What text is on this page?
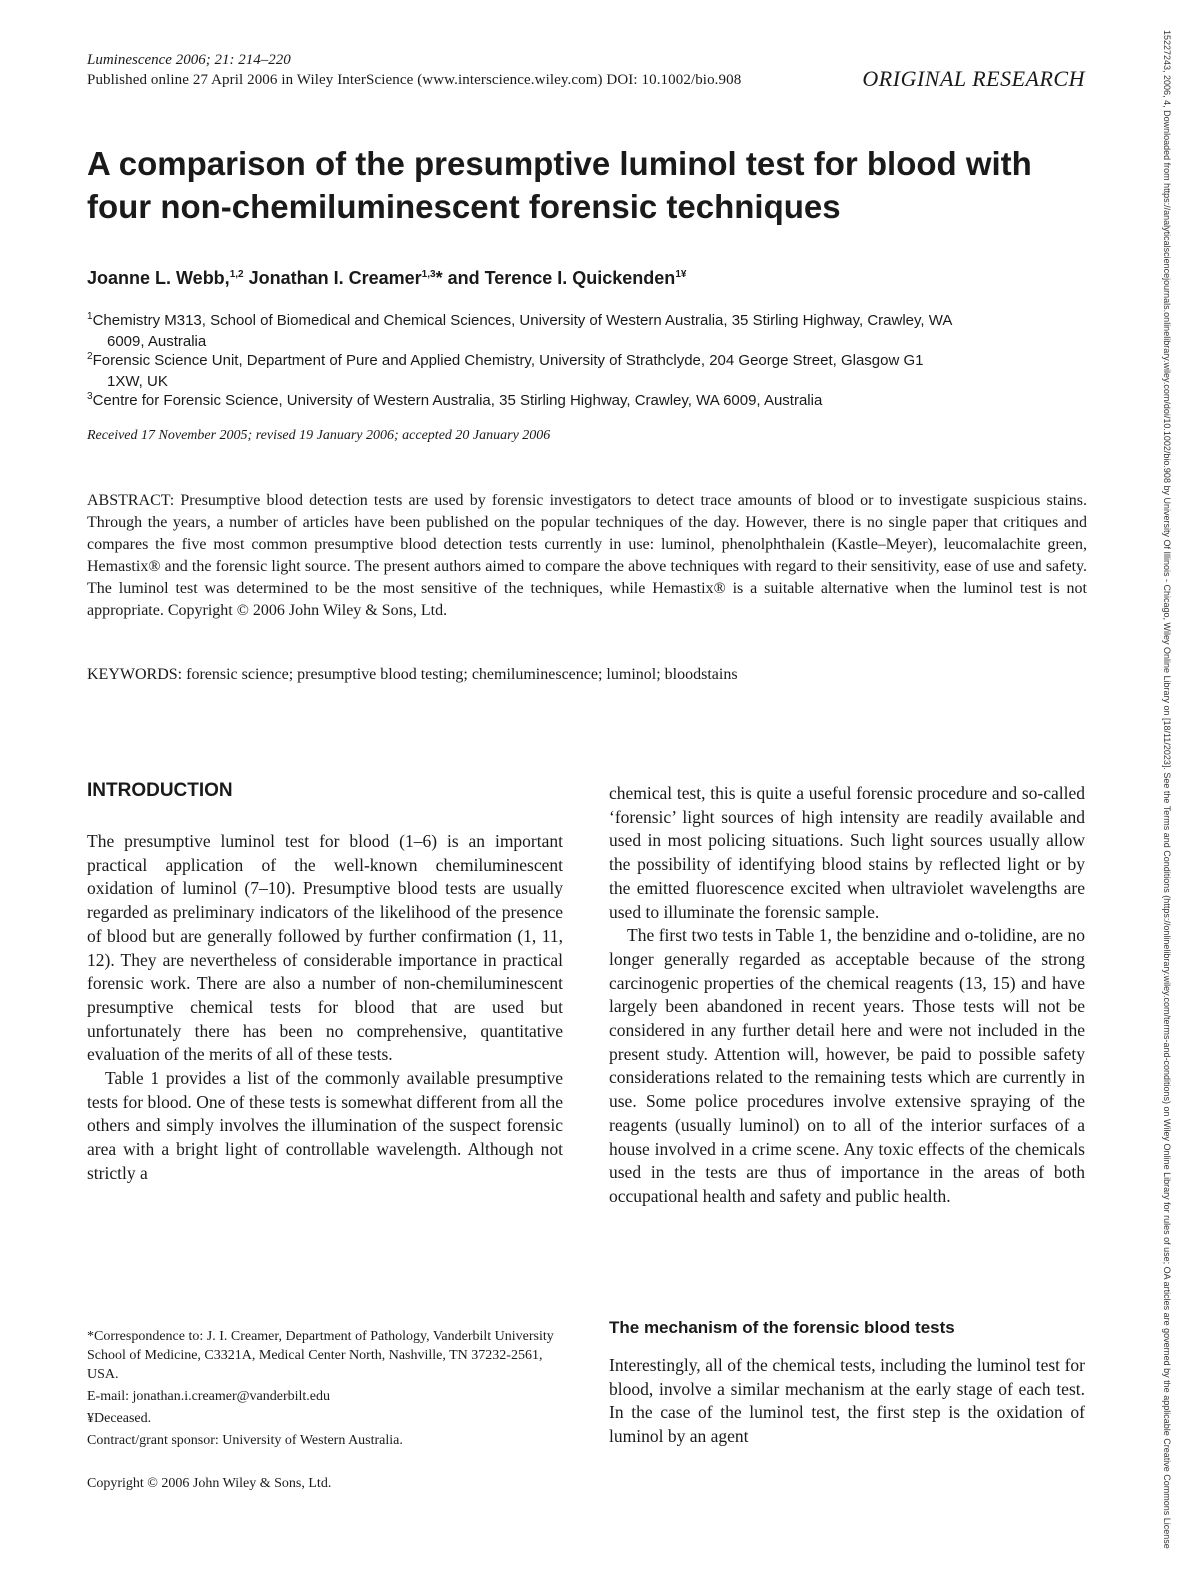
Luminescence 2006; 21: 214–220
Published online 27 April 2006 in Wiley InterScience (www.interscience.wiley.com) DOI: 10.1002/bio.908	ORIGINAL RESEARCH
A comparison of the presumptive luminol test for blood with four non-chemiluminescent forensic techniques
Joanne L. Webb,$^{1,2}$ Jonathan I. Creamer$^{1,3}$* and Terence I. Quickenden$^{1¥}$
$^1$Chemistry M313, School of Biomedical and Chemical Sciences, University of Western Australia, 35 Stirling Highway, Crawley, WA
6009, Australia
$^2$Forensic Science Unit, Department of Pure and Applied Chemistry, University of Strathclyde, 204 George Street, Glasgow G1
1XW, UK
$^3$Centre for Forensic Science, University of Western Australia, 35 Stirling Highway, Crawley, WA 6009, Australia
Received 17 November 2005; revised 19 January 2006; accepted 20 January 2006
ABSTRACT: Presumptive blood detection tests are used by forensic investigators to detect trace amounts of blood or to investigate suspicious stains. Through the years, a number of articles have been published on the popular techniques of the day. However, there is no single paper that critiques and compares the five most common presumptive blood detection tests currently in use: luminol, phenolphthalein (Kastle–Meyer), leucomalachite green, Hemastix® and the forensic light source. The present authors aimed to compare the above techniques with regard to their sensitivity, ease of use and safety. The luminol test was determined to be the most sensitive of the techniques, while Hemastix® is a suitable alternative when the luminol test is not appropriate. Copyright © 2006 John Wiley & Sons, Ltd.
KEYWORDS: forensic science; presumptive blood testing; chemiluminescence; luminol; bloodstains
INTRODUCTION

The presumptive luminol test for blood (1–6) is an important practical application of the well-known chemiluminescent oxidation of luminol (7–10). Presumptive blood tests are usually regarded as preliminary indicators of the likelihood of the presence of blood but are generally followed by further confirmation (1, 11, 12). They are nevertheless of considerable importance in practical forensic work. There are also a number of non-chemiluminescent presumptive chemical tests for blood that are used but unfortunately there has been no comprehensive, quantitative evaluation of the merits of all of these tests.

Table 1 provides a list of the commonly available presumptive tests for blood. One of these tests is somewhat different from all the others and simply involves the illumination of the suspect forensic area with a bright light of controllable wavelength. Although not strictly a

chemical test, this is quite a useful forensic procedure and so-called ‘forensic’ light sources of high intensity are readily available and used in most policing situations. Such light sources usually allow the possibility of identifying blood stains by reflected light or by the emitted fluorescence excited when ultraviolet wavelengths are used to illuminate the forensic sample.

The first two tests in Table 1, the benzidine and o-tolidine, are no longer generally regarded as acceptable because of the strong carcinogenic properties of the chemical reagents (13, 15) and have largely been abandoned in recent years. Those tests will not be considered in any further detail here and were not included in the present study. Attention will, however, be paid to possible safety considerations related to the remaining tests which are currently in use. Some police procedures involve extensive spraying of the reagents (usually luminol) on to all of the interior surfaces of a house involved in a crime scene. Any toxic effects of the chemicals used in the tests are thus of importance in the areas of both occupational health and safety and public health.

The mechanism of the forensic blood tests

Interestingly, all of the chemical tests, including the luminol test for blood, involve a similar mechanism at the early stage of each test. In the case of the luminol test, the first step is the oxidation of luminol by an agent

*Correspondence to: J. I. Creamer, Department of Pathology, Vanderbilt University School of Medicine, C3321A, Medical Center North, Nashville, TN 37232-2561, USA.
E-mail: jonathan.i.creamer@vanderbilt.edu
¥Deceased.
Contract/grant sponsor: University of Western Australia.
Copyright © 2006 John Wiley & Sons, Ltd.	15227243, 2006, 4, Downloaded from https://analyticalsciencejournals.onlinelibrary.wiley.com/doi/10.1002/bio.908 by University Of Illinois - Chicago, Wiley Online Library on [18/11/2023]. See the Terms and Conditions (https://onlinelibrary.wiley.com/terms-and-conditions) on Wiley Online Library for rules of use; OA articles are governed by the applicable Creative Commons License
